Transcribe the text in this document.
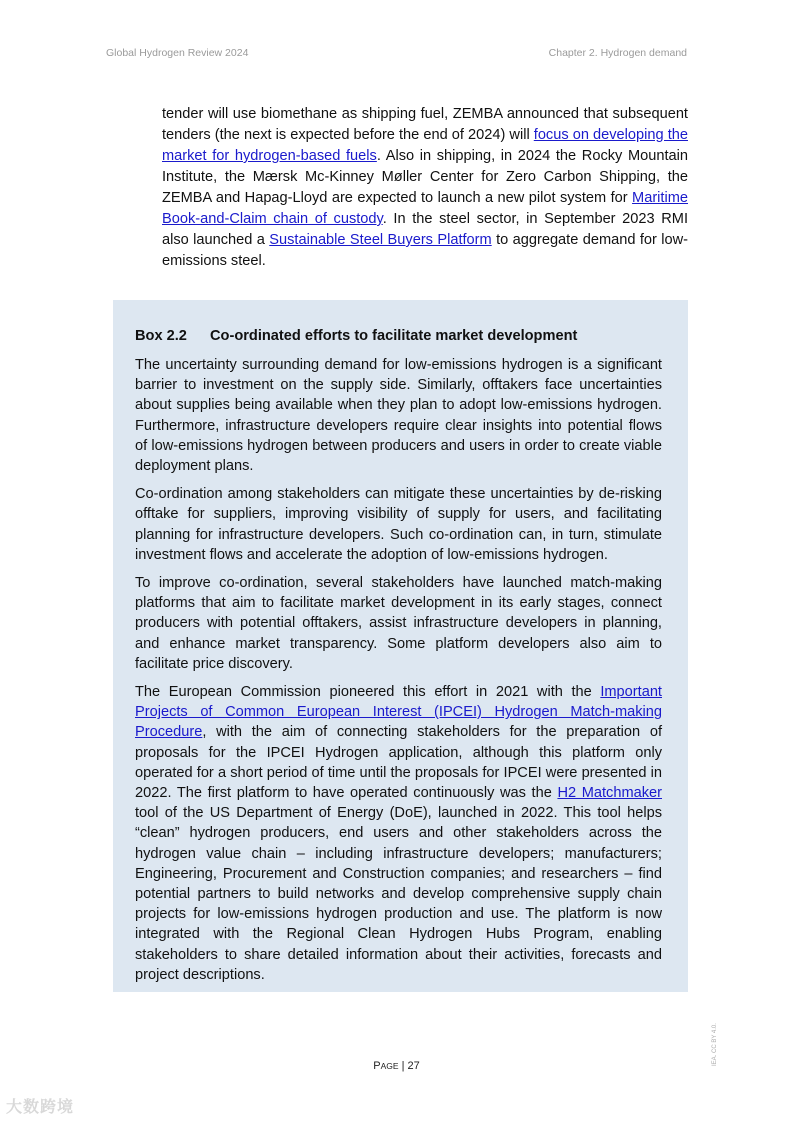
Global Hydrogen Review 2024	Chapter 2. Hydrogen demand

tender will use biomethane as shipping fuel, ZEMBA announced that subsequent tenders (the next is expected before the end of 2024) will focus on developing the market for hydrogen-based fuels. Also in shipping, in 2024 the Rocky Mountain Institute, the Mærsk Mc-Kinney Møller Center for Zero Carbon Shipping, the ZEMBA and Hapag-Lloyd are expected to launch a new pilot system for Maritime Book-and-Claim chain of custody. In the steel sector, in September 2023 RMI also launched a Sustainable Steel Buyers Platform to aggregate demand for low-emissions steel.

Box 2.2 Co-ordinated efforts to facilitate market development

The uncertainty surrounding demand for low-emissions hydrogen is a significant barrier to investment on the supply side. Similarly, offtakers face uncertainties about supplies being available when they plan to adopt low-emissions hydrogen. Furthermore, infrastructure developers require clear insights into potential flows of low-emissions hydrogen between producers and users in order to create viable deployment plans.

Co-ordination among stakeholders can mitigate these uncertainties by de-risking offtake for suppliers, improving visibility of supply for users, and facilitating planning for infrastructure developers. Such co-ordination can, in turn, stimulate investment flows and accelerate the adoption of low-emissions hydrogen.

To improve co-ordination, several stakeholders have launched match-making platforms that aim to facilitate market development in its early stages, connect producers with potential offtakers, assist infrastructure developers in planning, and enhance market transparency. Some platform developers also aim to facilitate price discovery.

The European Commission pioneered this effort in 2021 with the Important Projects of Common European Interest (IPCEI) Hydrogen Match-making Procedure, with the aim of connecting stakeholders for the preparation of proposals for the IPCEI Hydrogen application, although this platform only operated for a short period of time until the proposals for IPCEI were presented in 2022. The first platform to have operated continuously was the H2 Matchmaker tool of the US Department of Energy (DoE), launched in 2022. This tool helps “clean” hydrogen producers, end users and other stakeholders across the hydrogen value chain – including infrastructure developers; manufacturers; Engineering, Procurement and Construction companies; and researchers – find potential partners to build networks and develop comprehensive supply chain projects for low-emissions hydrogen production and use. The platform is now integrated with the Regional Clean Hydrogen Hubs Program, enabling stakeholders to share detailed information about their activities, forecasts and project descriptions.

PAGE | 27	IEA. CC BY 4.0.
大数跨境
